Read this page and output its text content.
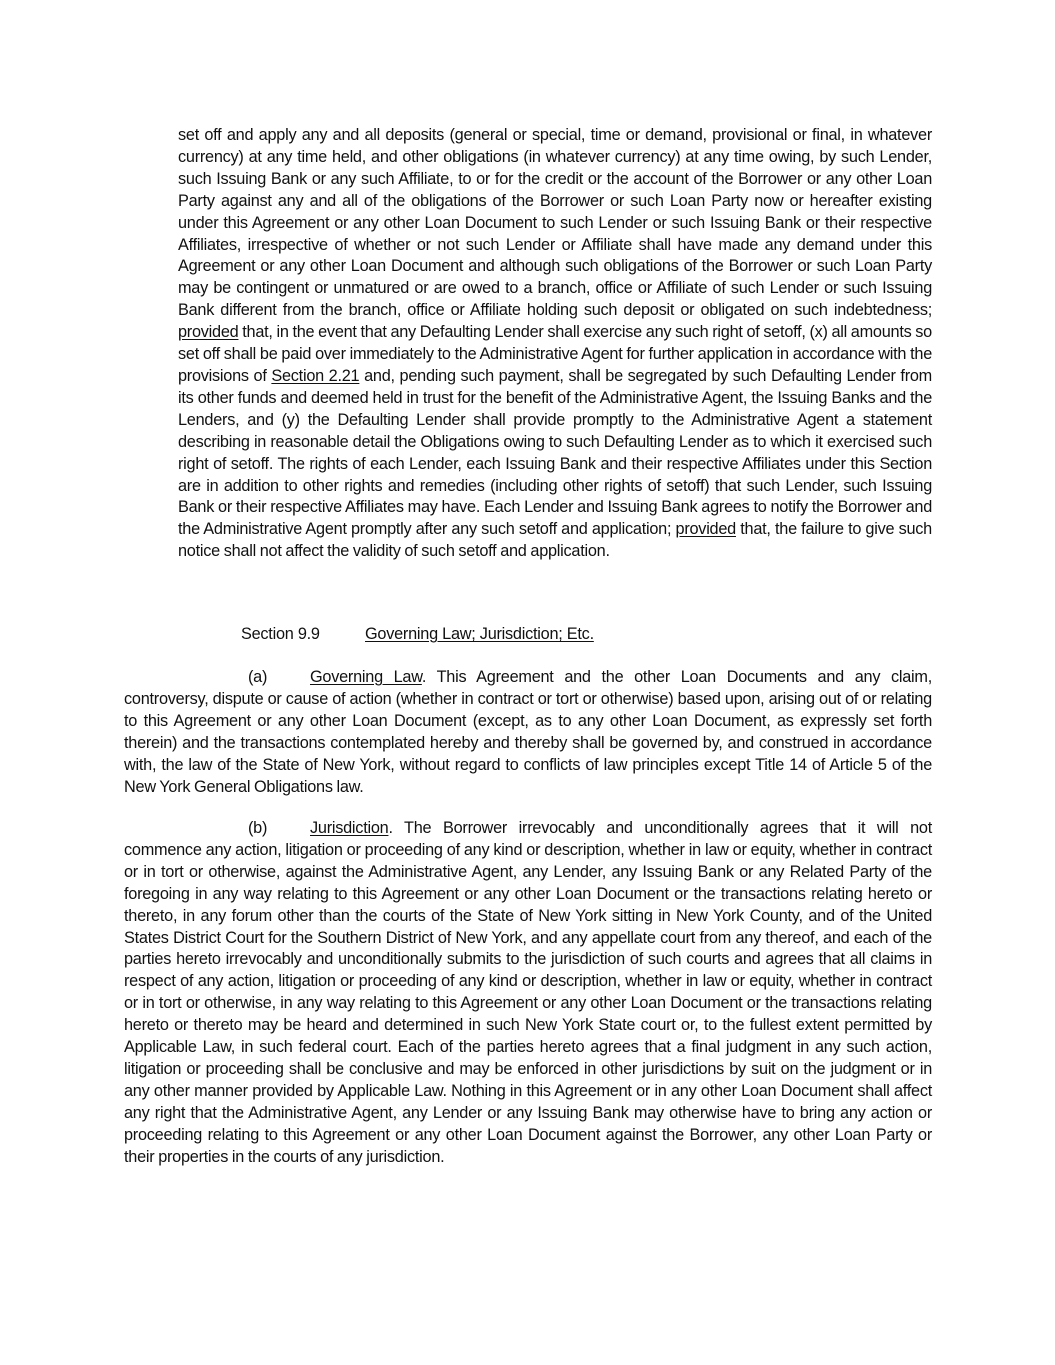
set off and apply any and all deposits (general or special, time or demand, provisional or final, in whatever currency) at any time held, and other obligations (in whatever currency) at any time owing, by such Lender, such Issuing Bank or any such Affiliate, to or for the credit or the account of the Borrower or any other Loan Party against any and all of the obligations of the Borrower or such Loan Party now or hereafter existing under this Agreement or any other Loan Document to such Lender or such Issuing Bank or their respective Affiliates, irrespective of whether or not such Lender or Affiliate shall have made any demand under this Agreement or any other Loan Document and although such obligations of the Borrower or such Loan Party may be contingent or unmatured or are owed to a branch, office or Affiliate of such Lender or such Issuing Bank different from the branch, office or Affiliate holding such deposit or obligated on such indebtedness; provided that, in the event that any Defaulting Lender shall exercise any such right of setoff, (x) all amounts so set off shall be paid over immediately to the Administrative Agent for further application in accordance with the provisions of Section 2.21 and, pending such payment, shall be segregated by such Defaulting Lender from its other funds and deemed held in trust for the benefit of the Administrative Agent, the Issuing Banks and the Lenders, and (y) the Defaulting Lender shall provide promptly to the Administrative Agent a statement describing in reasonable detail the Obligations owing to such Defaulting Lender as to which it exercised such right of setoff. The rights of each Lender, each Issuing Bank and their respective Affiliates under this Section are in addition to other rights and remedies (including other rights of setoff) that such Lender, such Issuing Bank or their respective Affiliates may have. Each Lender and Issuing Bank agrees to notify the Borrower and the Administrative Agent promptly after any such setoff and application; provided that, the failure to give such notice shall not affect the validity of such setoff and application.

Section 9.9	Governing Law; Jurisdiction; Etc.

(a)	Governing Law. This Agreement and the other Loan Documents and any claim, controversy, dispute or cause of action (whether in contract or tort or otherwise) based upon, arising out of or relating to this Agreement or any other Loan Document (except, as to any other Loan Document, as expressly set forth therein) and the transactions contemplated hereby and thereby shall be governed by, and construed in accordance with, the law of the State of New York, without regard to conflicts of law principles except Title 14 of Article 5 of the New York General Obligations law.

(b)	Jurisdiction. The Borrower irrevocably and unconditionally agrees that it will not commence any action, litigation or proceeding of any kind or description, whether in law or equity, whether in contract or in tort or otherwise, against the Administrative Agent, any Lender, any Issuing Bank or any Related Party of the foregoing in any way relating to this Agreement or any other Loan Document or the transactions relating hereto or thereto, in any forum other than the courts of the State of New York sitting in New York County, and of the United States District Court for the Southern District of New York, and any appellate court from any thereof, and each of the parties hereto irrevocably and unconditionally submits to the jurisdiction of such courts and agrees that all claims in respect of any action, litigation or proceeding of any kind or description, whether in law or equity, whether in contract or in tort or otherwise, in any way relating to this Agreement or any other Loan Document or the transactions relating hereto or thereto may be heard and determined in such New York State court or, to the fullest extent permitted by Applicable Law, in such federal court. Each of the parties hereto agrees that a final judgment in any such action, litigation or proceeding shall be conclusive and may be enforced in other jurisdictions by suit on the judgment or in any other manner provided by Applicable Law. Nothing in this Agreement or in any other Loan Document shall affect any right that the Administrative Agent, any Lender or any Issuing Bank may otherwise have to bring any action or proceeding relating to this Agreement or any other Loan Document against the Borrower, any other Loan Party or their properties in the courts of any jurisdiction.
